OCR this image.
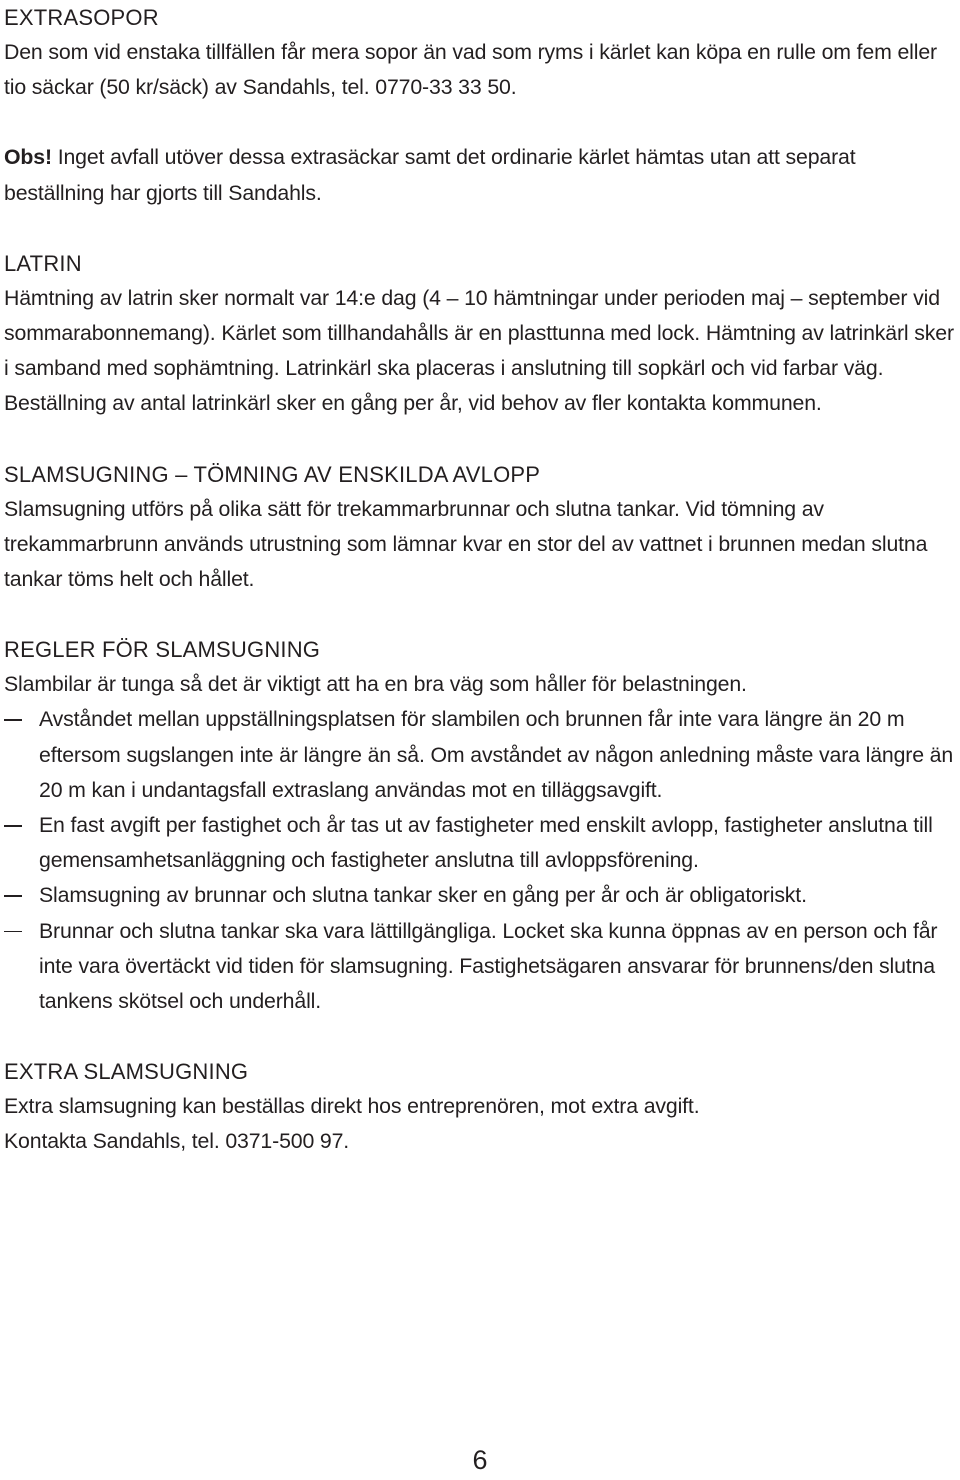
EXTRASOPOR

Den som vid enstaka tillfällen får mera sopor än vad som ryms i kärlet kan köpa en rulle om fem eller tio säckar (50 kr/säck) av Sandahls, tel. 0770-33 33 50.

Obs! Inget avfall utöver dessa extrasäckar samt det ordinarie kärlet hämtas utan att separat beställning har gjorts till Sandahls.

LATRIN

Hämtning av latrin sker normalt var 14:e dag (4 – 10 hämtningar under perioden maj – september vid sommarabonnemang). Kärlet som tillhandahålls är en plasttunna med lock. Hämtning av latrinkärl sker i samband med sophämtning. Latrinkärl ska placeras i anslutning till sopkärl och vid farbar väg. Beställning av antal latrinkärl sker en gång per år, vid behov av fler kontakta kommunen.

SLAMSUGNING – TÖMNING AV ENSKILDA AVLOPP

Slamsugning utförs på olika sätt för trekammarbrunnar och slutna tankar. Vid tömning av trekammarbrunn används utrustning som lämnar kvar en stor del av vattnet i brunnen medan slutna tankar töms helt och hållet.

REGLER FÖR SLAMSUGNING

Slambilar är tunga så det är viktigt att ha en bra väg som håller för belastningen.

Avståndet mellan uppställningsplatsen för slambilen och brunnen får inte vara längre än 20 m eftersom sugslangen inte är längre än så. Om avståndet av någon anledning måste vara längre än 20 m kan i undantagsfall extraslang användas mot en tilläggsavgift.
En fast avgift per fastighet och år tas ut av fastigheter med enskilt avlopp, fastigheter anslutna till gemensamhetsanläggning och fastigheter anslutna till avloppsförening.
Slamsugning av brunnar och slutna tankar sker en gång per år och är obligatoriskt.
Brunnar och slutna tankar ska vara lättillgängliga. Locket ska kunna öppnas av en person och får inte vara övertäckt vid tiden för slamsugning. Fastighetsägaren ansvarar för brunnens/den slutna tankens skötsel och underhåll.
EXTRA SLAMSUGNING

Extra slamsugning kan beställas direkt hos entreprenören, mot extra avgift.

Kontakta Sandahls, tel. 0371-500 97.

6
